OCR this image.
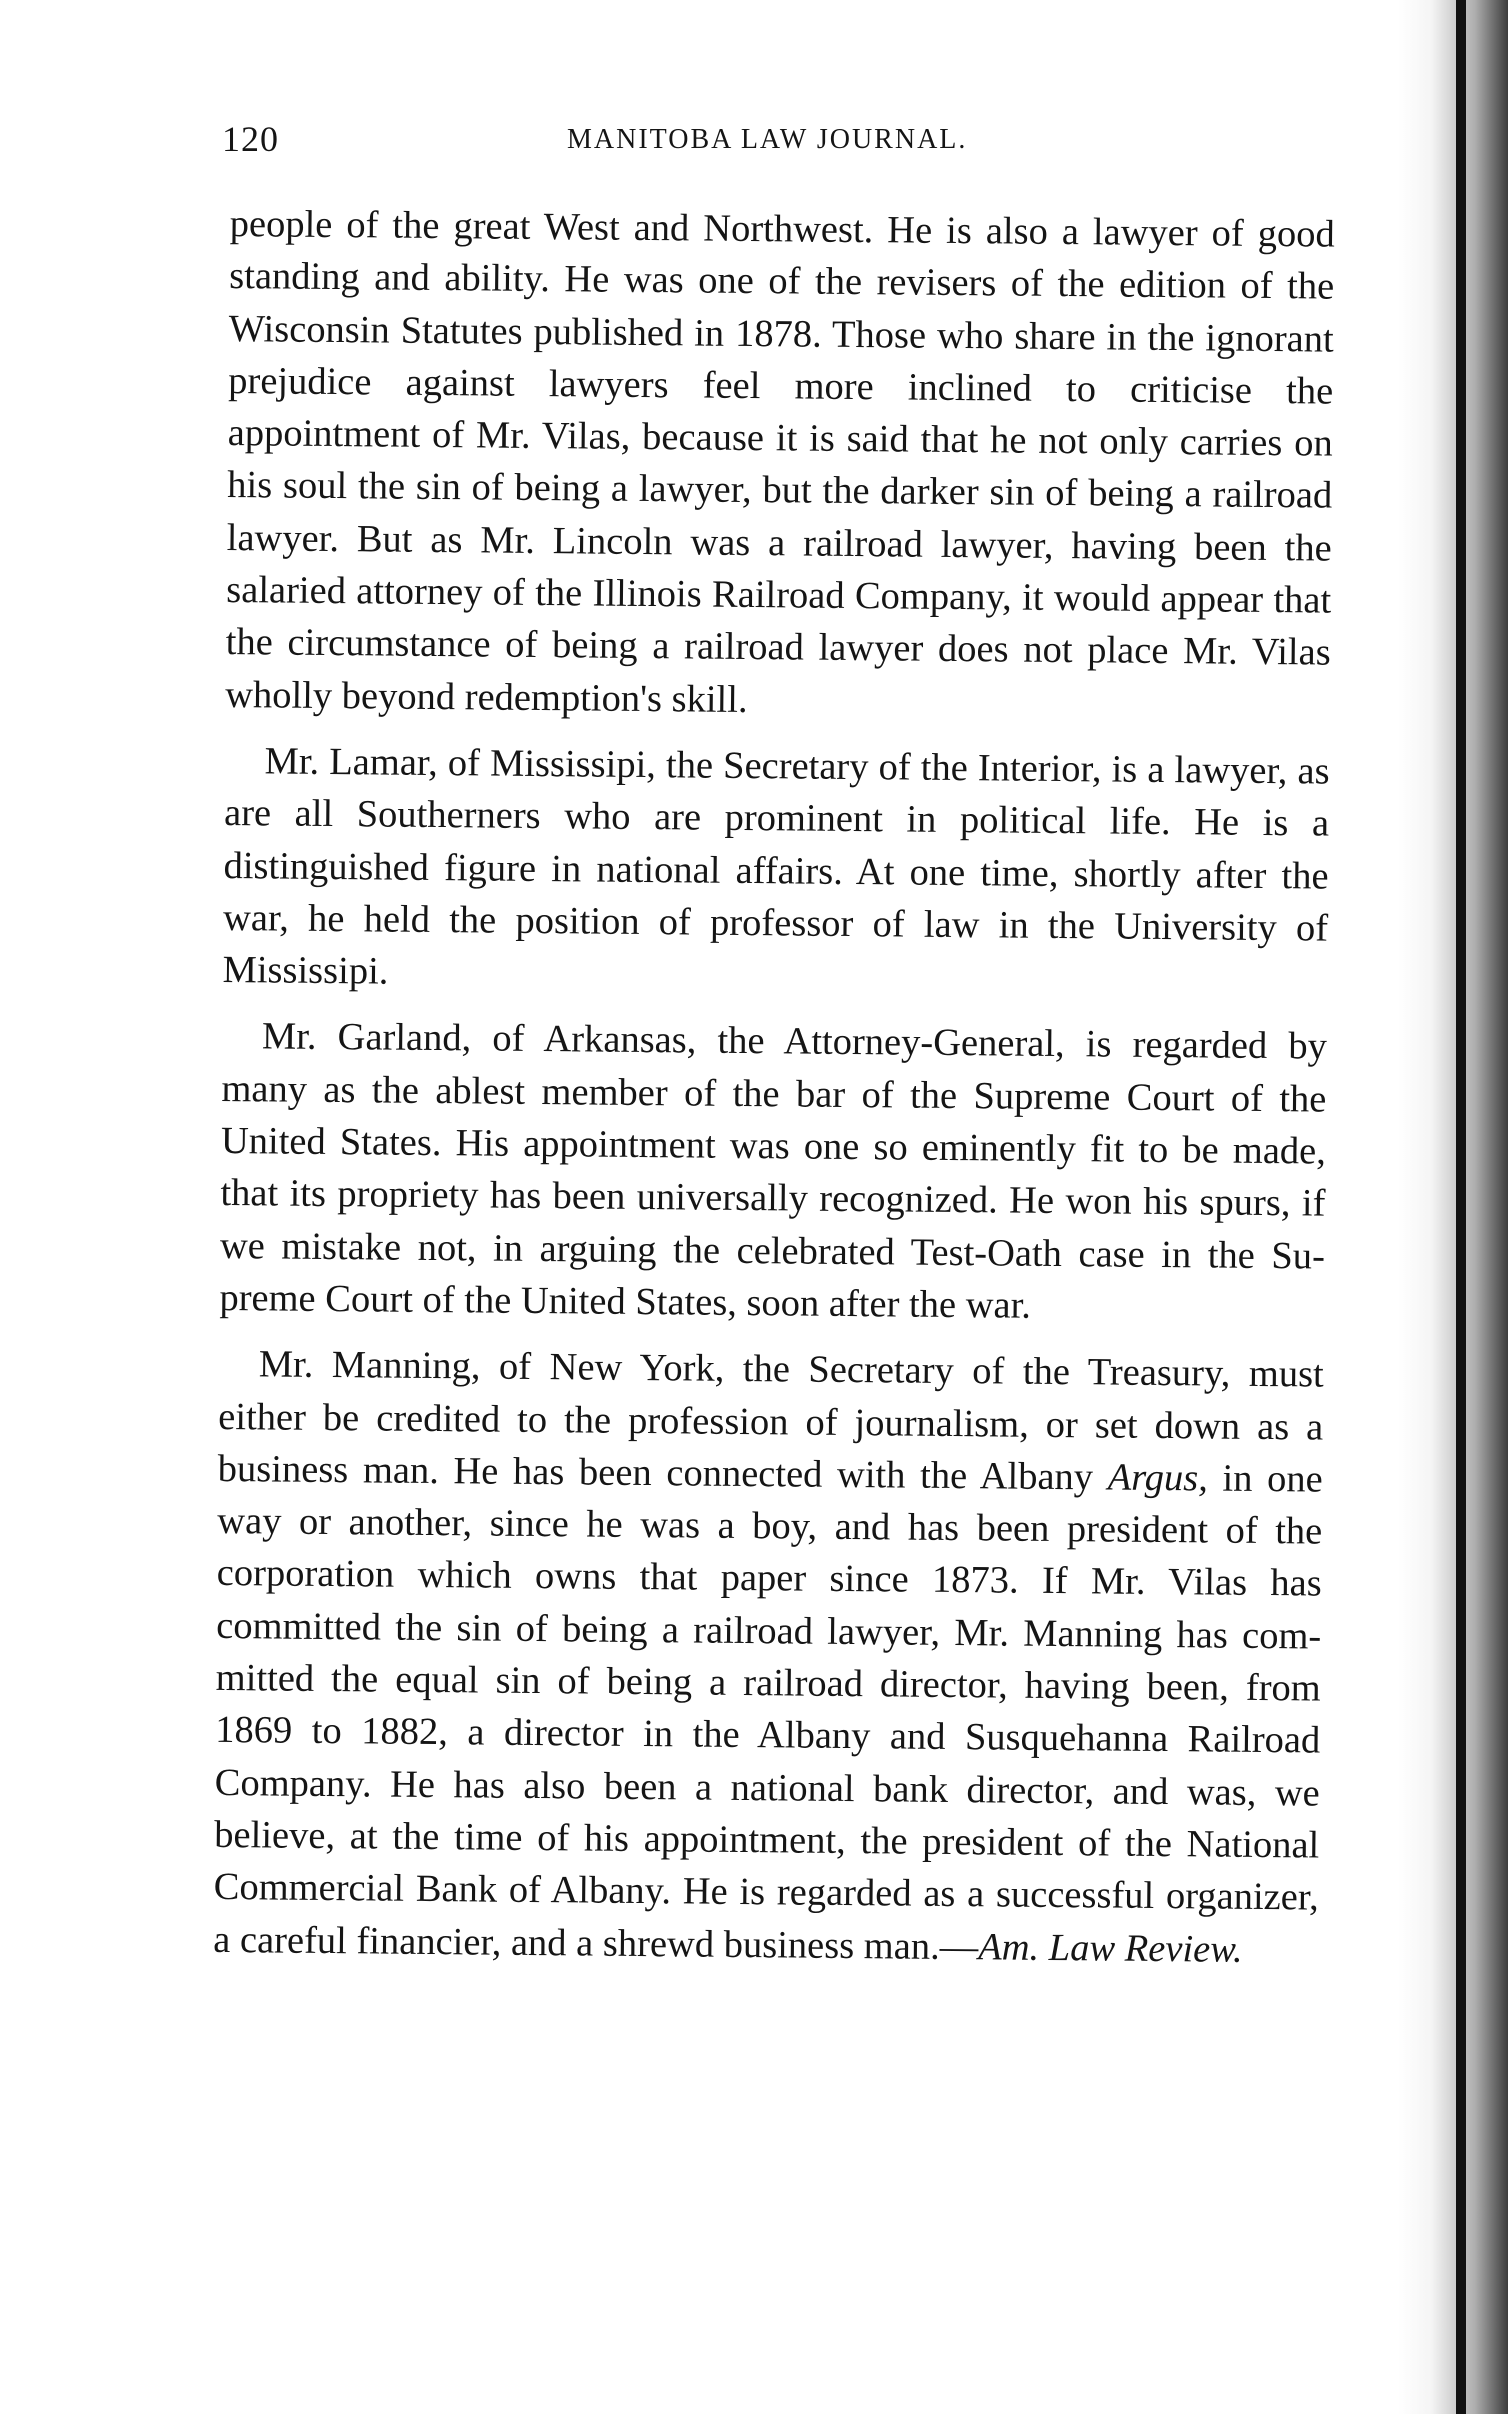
120	MANITOBA LAW JOURNAL.

people of the great West and Northwest. He is also a lawyer of good standing and ability. He was one of the revisers of the edition of the Wisconsin Statutes published in 1878. Those who share in the ignorant prejudice against lawyers feel more inclined to criticise the appointment of Mr. Vilas, because it is said that he not only carries on his soul the sin of being a lawyer, but the darker sin of being a railroad lawyer. But as Mr. Lincoln was a railroad lawyer, having been the salaried attorney of the Illinois Railroad Company, it would appear that the circumstance of being a railroad lawyer does not place Mr. Vilas wholly beyond redemption's skill.

Mr. Lamar, of Mississipi, the Secretary of the Interior, is a lawyer, as are all Southerners who are prominent in political life. He is a distinguished figure in national affairs. At one time, shortly after the war, he held the position of professor of law in the University of Mississipi.

Mr. Garland, of Arkansas, the Attorney-General, is regarded by many as the ablest member of the bar of the Supreme Court of the United States. His appointment was one so eminently fit to be made, that its propriety has been universally recognized. He won his spurs, if we mistake not, in arguing the celebrated Test-Oath case in the Supreme Court of the United States, soon after the war.

Mr. Manning, of New York, the Secretary of the Treasury, must either be credited to the profession of journalism, or set down as a business man. He has been connected with the Albany Argus, in one way or another, since he was a boy, and has been president of the corporation which owns that paper since 1873. If Mr. Vilas has committed the sin of being a railroad lawyer, Mr. Manning has committed the equal sin of being a railroad director, having been, from 1869 to 1882, a director in the Albany and Susquehanna Railroad Company. He has also been a national bank director, and was, we believe, at the time of his appointment, the president of the National Commercial Bank of Albany. He is regarded as a successful organizer, a careful financier, and a shrewd business man.—Am. Law Review.
